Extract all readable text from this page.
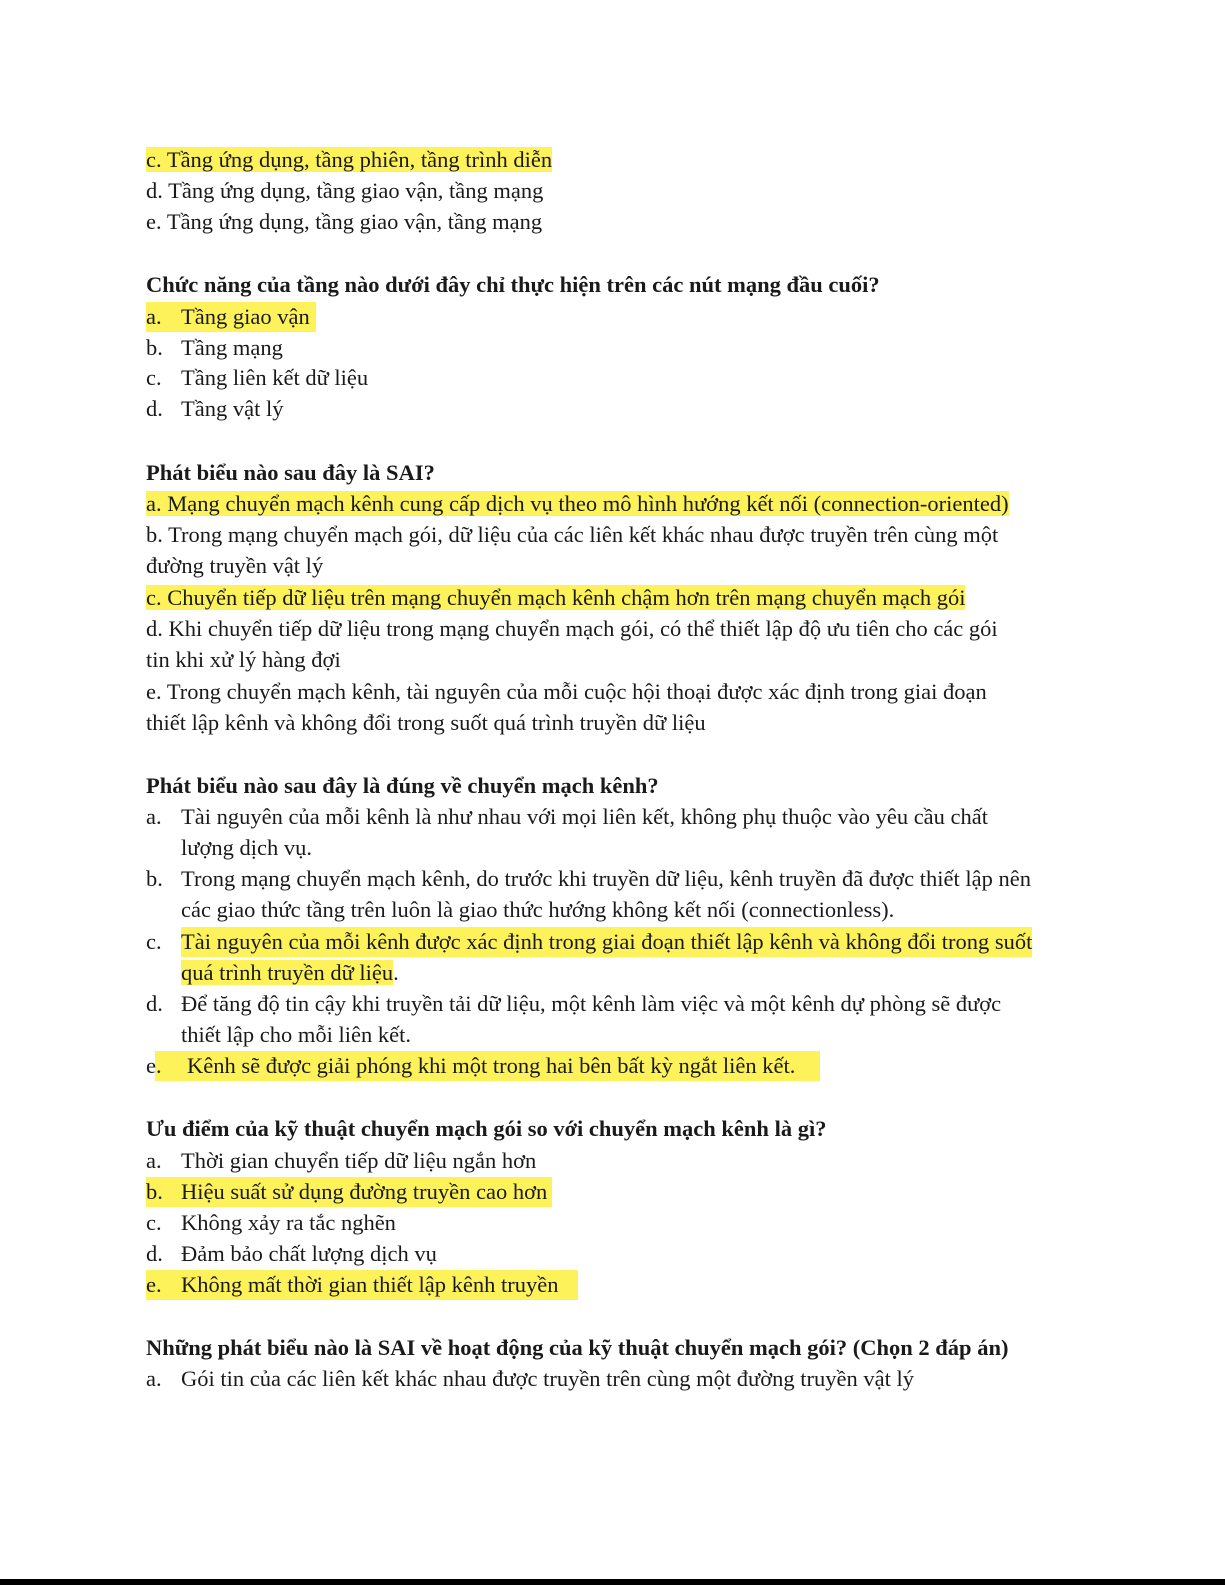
c. Tầng ứng dụng, tầng phiên, tầng trình diễn
d. Tầng ứng dụng, tầng giao vận, tầng mạng
e. Tầng ứng dụng, tầng giao vận, tầng mạng
Chức năng của tầng nào dưới đây chỉ thực hiện trên các nút mạng đầu cuối?
a. Tầng giao vận
b. Tầng mạng
c. Tầng liên kết dữ liệu
d. Tầng vật lý
Phát biểu nào sau đây là SAI?
a. Mạng chuyển mạch kênh cung cấp dịch vụ theo mô hình hướng kết nối (connection-oriented)
b. Trong mạng chuyển mạch gói, dữ liệu của các liên kết khác nhau được truyền trên cùng một
đường truyền vật lý
c. Chuyển tiếp dữ liệu trên mạng chuyển mạch kênh chậm hơn trên mạng chuyển mạch gói
d. Khi chuyển tiếp dữ liệu trong mạng chuyển mạch gói, có thể thiết lập độ ưu tiên cho các gói
tin khi xử lý hàng đợi
e. Trong chuyển mạch kênh, tài nguyên của mỗi cuộc hội thoại được xác định trong giai đoạn
thiết lập kênh và không đổi trong suốt quá trình truyền dữ liệu
Phát biểu nào sau đây là đúng về chuyển mạch kênh?
a. Tài nguyên của mỗi kênh là như nhau với mọi liên kết, không phụ thuộc vào yêu cầu chất
lượng dịch vụ.
b. Trong mạng chuyển mạch kênh, do trước khi truyền dữ liệu, kênh truyền đã được thiết lập nên
các giao thức tầng trên luôn là giao thức hướng không kết nối (connectionless).
c. Tài nguyên của mỗi kênh được xác định trong giai đoạn thiết lập kênh và không đổi trong suốt
quá trình truyền dữ liệu.
d. Để tăng độ tin cậy khi truyền tải dữ liệu, một kênh làm việc và một kênh dự phòng sẽ được
thiết lập cho mỗi liên kết.
e. Kênh sẽ được giải phóng khi một trong hai bên bất kỳ ngắt liên kết.
Ưu điểm của kỹ thuật chuyển mạch gói so với chuyển mạch kênh là gì?
a. Thời gian chuyển tiếp dữ liệu ngắn hơn
b. Hiệu suất sử dụng đường truyền cao hơn
c. Không xảy ra tắc nghẽn
d. Đảm bảo chất lượng dịch vụ
e. Không mất thời gian thiết lập kênh truyền
Những phát biểu nào là SAI về hoạt động của kỹ thuật chuyển mạch gói? (Chọn 2 đáp án)
a. Gói tin của các liên kết khác nhau được truyền trên cùng một đường truyền vật lý
